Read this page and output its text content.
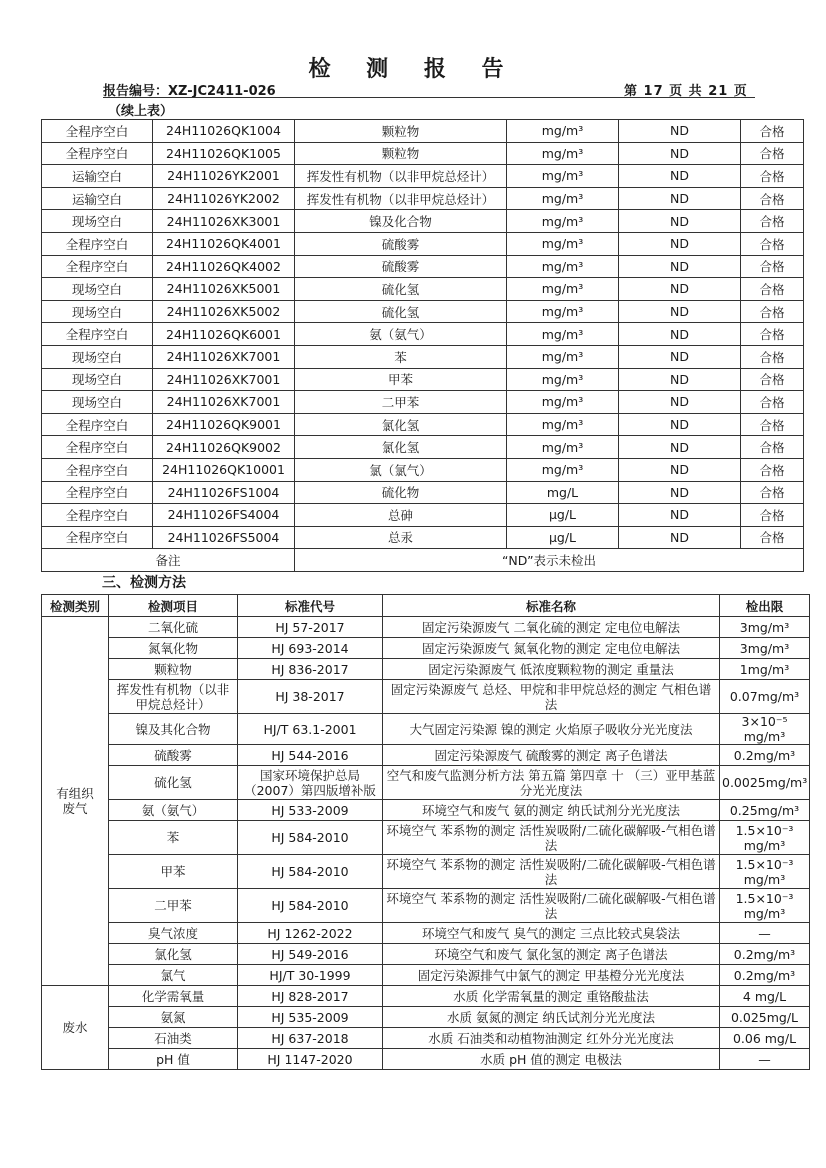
检 测 报 告
报告编号：XZ-JC2411-026	第 17 页 共 21 页
（续上表）
全程序空白	24H11026QK1004	颗粒物	mg/m³	ND	合格
全程序空白	24H11026QK1005	颗粒物	mg/m³	ND	合格
运输空白	24H11026YK2001	挥发性有机物（以非甲烷总烃计）	mg/m³	ND	合格
运输空白	24H11026YK2002	挥发性有机物（以非甲烷总烃计）	mg/m³	ND	合格
现场空白	24H11026XK3001	镍及化合物	mg/m³	ND	合格
全程序空白	24H11026QK4001	硫酸雾	mg/m³	ND	合格
全程序空白	24H11026QK4002	硫酸雾	mg/m³	ND	合格
现场空白	24H11026XK5001	硫化氢	mg/m³	ND	合格
现场空白	24H11026XK5002	硫化氢	mg/m³	ND	合格
全程序空白	24H11026QK6001	氨（氨气）	mg/m³	ND	合格
现场空白	24H11026XK7001	苯	mg/m³	ND	合格
现场空白	24H11026XK7001	甲苯	mg/m³	ND	合格
现场空白	24H11026XK7001	二甲苯	mg/m³	ND	合格
全程序空白	24H11026QK9001	氯化氢	mg/m³	ND	合格
全程序空白	24H11026QK9002	氯化氢	mg/m³	ND	合格
全程序空白	24H11026QK10001	氯（氯气）	mg/m³	ND	合格
全程序空白	24H11026FS1004	硫化物	mg/L	ND	合格
全程序空白	24H11026FS4004	总砷	μg/L	ND	合格
全程序空白	24H11026FS5004	总汞	μg/L	ND	合格
备注		“ND”表示未检出			
三、检测方法
检测类别	检测项目	标准代号	标准名称	检出限
有组织
废气	二氧化硫	HJ 57-2017	固定污染源废气 二氧化硫的测定 定电位电解法	3mg/m³
	氮氧化物	HJ 693-2014	固定污染源废气 氮氧化物的测定 定电位电解法	3mg/m³
	颗粒物	HJ 836-2017	固定污染源废气 低浓度颗粒物的测定 重量法	1mg/m³
	挥发性有机物（以非甲烷总烃计）	HJ 38-2017	固定污染源废气 总烃、甲烷和非甲烷总烃的测定 气相色谱法	0.07mg/m³
	镍及其化合物	HJ/T 63.1-2001	大气固定污染源 镍的测定 火焰原子吸收分光光度法	3×10⁻⁵ mg/m³
	硫酸雾	HJ 544-2016	固定污染源废气 硫酸雾的测定 离子色谱法	0.2mg/m³
	硫化氢	国家环境保护总局（2007）第四版增补版	空气和废气监测分析方法 第五篇 第四章 十 （三）亚甲基蓝分光光度法	0.0025mg/m³
	氨（氨气）	HJ 533-2009	环境空气和废气 氨的测定 纳氏试剂分光光度法	0.25mg/m³
	苯	HJ 584-2010	环境空气 苯系物的测定 活性炭吸附/二硫化碳解吸-气相色谱法	1.5×10⁻³ mg/m³
	甲苯	HJ 584-2010	环境空气 苯系物的测定 活性炭吸附/二硫化碳解吸-气相色谱法	1.5×10⁻³ mg/m³
	二甲苯	HJ 584-2010	环境空气 苯系物的测定 活性炭吸附/二硫化碳解吸-气相色谱法	1.5×10⁻³ mg/m³
	臭气浓度	HJ 1262-2022	环境空气和废气 臭气的测定 三点比较式臭袋法	—
	氯化氢	HJ 549-2016	环境空气和废气 氯化氢的测定 离子色谱法	0.2mg/m³
	氯气	HJ/T 30-1999	固定污染源排气中氯气的测定 甲基橙分光光度法	0.2mg/m³
废水	化学需氧量	HJ 828-2017	水质 化学需氧量的测定 重铬酸盐法	4 mg/L
	氨氮	HJ 535-2009	水质 氨氮的测定 纳氏试剂分光光度法	0.025mg/L
	石油类	HJ 637-2018	水质 石油类和动植物油测定 红外分光光度法	0.06 mg/L
	pH 值	HJ 1147-2020	水质 pH 值的测定 电极法	—
